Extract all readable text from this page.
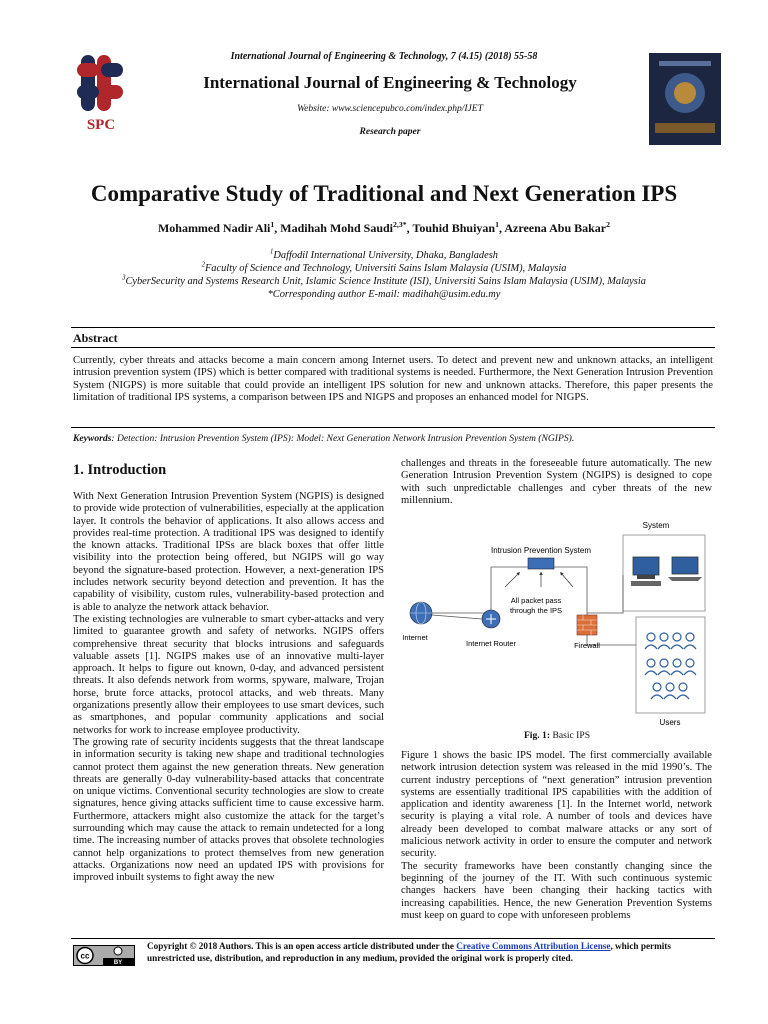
SPC
International Journal of Engineering & Technology, 7 (4.15) (2018) 55-58
International Journal of Engineering & Technology
Website: www.sciencepubco.com/index.php/IJET
Research paper
Comparative Study of Traditional and Next Generation IPS
Mohammed Nadir Ali$^1$, Madihah Mohd Saudi$^{2,3*}$, Touhid Bhuiyan$^1$, Azreena Abu Bakar$^2$
$^1$Daffodil International University, Dhaka, Bangladesh
$^2$Faculty of Science and Technology, Universiti Sains Islam Malaysia (USIM), Malaysia
$^3$CyberSecurity and Systems Research Unit, Islamic Science Institute (ISI), Universiti Sains Islam Malaysia (USIM), Malaysia
*Corresponding author E-mail: madihah@usim.edu.my
Abstract
Currently, cyber threats and attacks become a main concern among Internet users. To detect and prevent new and unknown attacks, an intelligent intrusion prevention system (IPS) which is better compared with traditional systems is needed. Furthermore, the Next Generation Intrusion Prevention System (NIGPS) is more suitable that could provide an intelligent IPS solution for new and unknown attacks. Therefore, this paper presents the limitation of traditional IPS systems, a comparison between IPS and NIGPS and proposes an enhanced model for NIGPS.
Keywords: Detection: Intrusion Prevention System (IPS): Model: Next Generation Network Intrusion Prevention System (NGIPS).
1. Introduction

With Next Generation Intrusion Prevention System (NGPIS) is designed to provide wide protection of vulnerabilities, especially at the application layer. It controls the behavior of applications. It also allows access and provides real-time protection. A traditional IPS was designed to identify the known attacks. Traditional IPSs are black boxes that offer little visibility into the protection being offered, but NGIPS will go way beyond the signature-based protection. However, a next-generation IPS includes network security beyond detection and prevention. It has the capability of visibility, custom rules, vulnerability-based protection and is able to analyze the network attack behavior.

The existing technologies are vulnerable to smart cyber-attacks and very limited to guarantee growth and safety of networks. NGIPS offers comprehensive threat security that blocks intrusions and safeguards valuable assets [1]. NGIPS makes use of an innovative multi-layer approach. It helps to figure out known, 0-day, and advanced persistent threats. It also defends network from worms, spyware, malware, Trojan horse, brute force attacks, protocol attacks, and web threats. Many organizations presently allow their employees to use smart devices, such as smartphones, and popular community applications and social networks for work to increase employee productivity.

The growing rate of security incidents suggests that the threat landscape in information security is taking new shape and traditional technologies cannot protect them against the new generation threats. New generation threats are generally 0-day vulnerability-based attacks that concentrate on unique victims. Conventional security technologies are slow to create signatures, hence giving attacks sufficient time to cause excessive harm. Furthermore, attackers might also customize the attack for the target’s surrounding which may cause the attack to remain undetected for a long time. The increasing number of attacks proves that obsolete technologies cannot help organizations to protect themselves from new generation attacks. Organizations now need an updated IPS with provisions for improved inbuilt systems to fight away the new

challenges and threats in the foreseeable future automatically. The new Generation Intrusion Prevention System (NGIPS) is designed to cope with such unpredictable challenges and cyber threats of the new millennium.

System
Users
Intrusion Prevention System
All packet pass
through the IPS
Internet
Internet Router	Firewall
Fig. 1: Basic IPS

Figure 1 shows the basic IPS model. The first commercially available network intrusion detection system was released in the mid 1990’s. The current industry perceptions of “next generation” intrusion prevention systems are essentially traditional IPS capabilities with the addition of application and identity awareness [1]. In the Internet world, network security is playing a vital role. A number of tools and devices have already been developed to combat malware attacks or any sort of malicious network activity in order to ensure the computer and network security.

The security frameworks have been constantly changing since the beginning of the journey of the IT. With such continuous systemic changes hackers have been changing their hacking tactics with increasing capabilities. Hence, the new Generation Prevention Systems must keep on guard to cope with unforeseen problems

cc
BY
Copyright © 2018 Authors. This is an open access article distributed under the Creative Commons Attribution License, which permits unrestricted use, distribution, and reproduction in any medium, provided the original work is properly cited.
